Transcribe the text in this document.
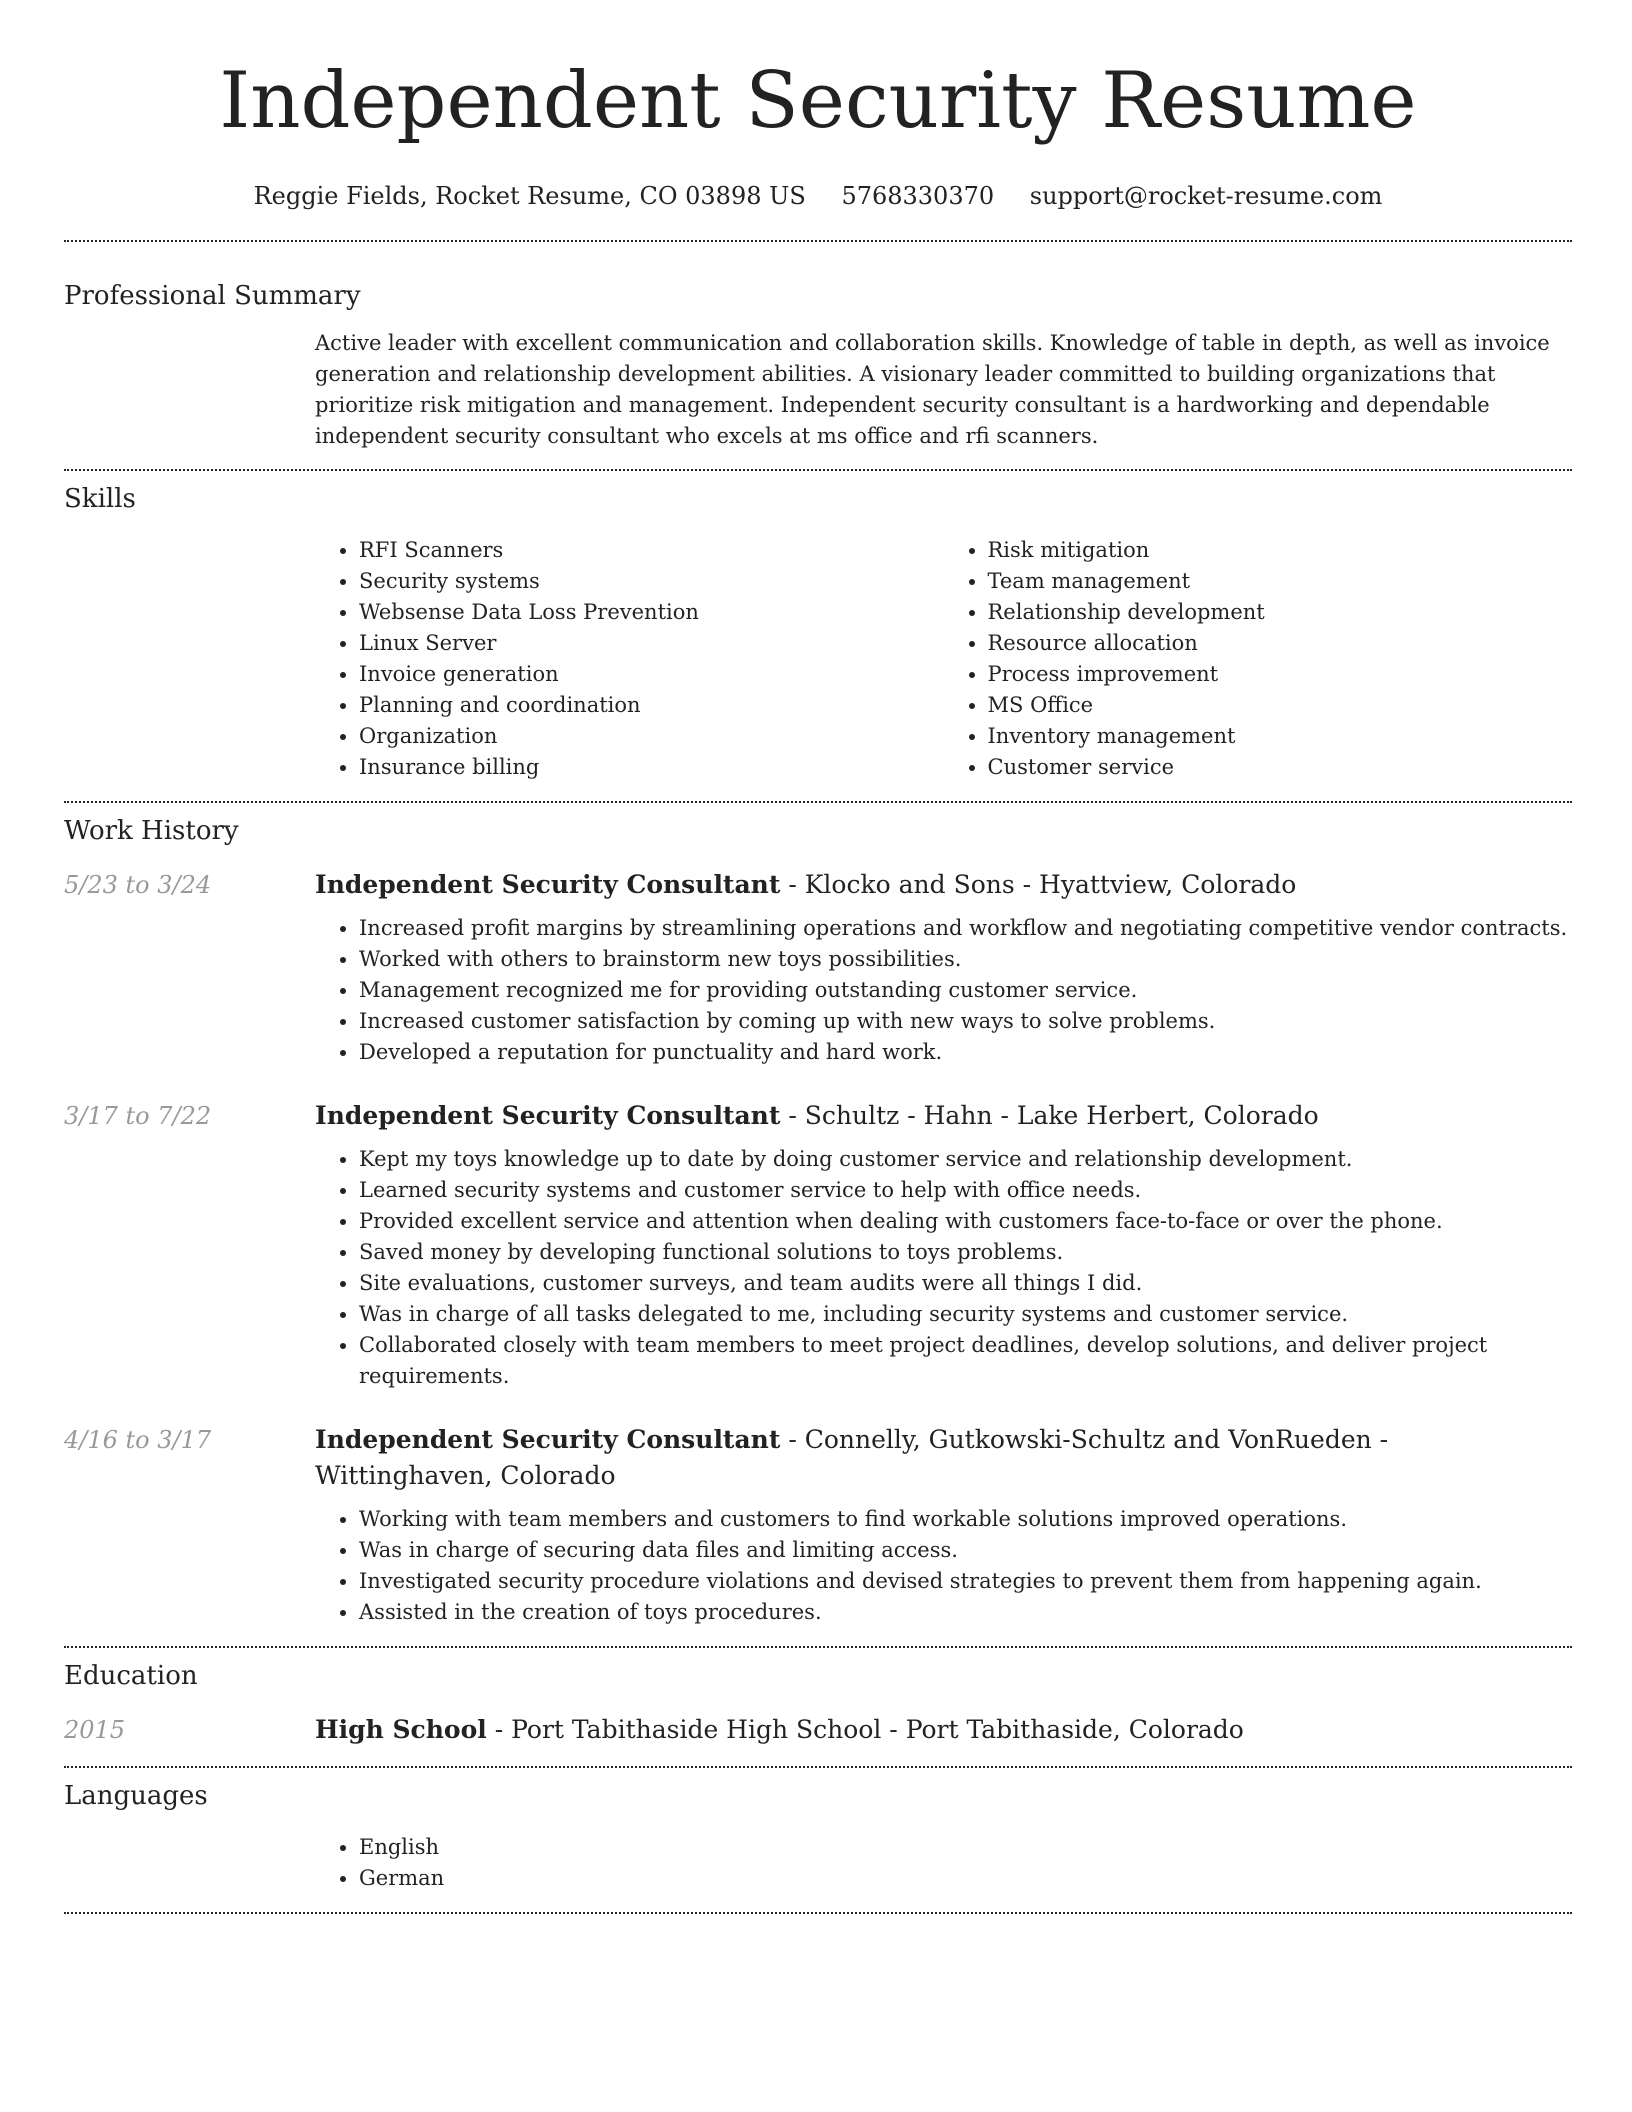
Independent Security Resume
Reggie Fields, Rocket Resume, CO 03898 US 5768330370 support@rocket-resume.com
Professional Summary
Active leader with excellent communication and collaboration skills. Knowledge of table in depth, as well as invoice generation and relationship development abilities. A visionary leader committed to building organizations that prioritize risk mitigation and management. Independent security consultant is a hardworking and dependable independent security consultant who excels at ms office and rfi scanners.
Skills
• RFI Scanners
• Security systems
• Websense Data Loss Prevention
• Linux Server
• Invoice generation
• Planning and coordination
• Organization
• Insurance billing
• Risk mitigation
• Team management
• Relationship development
• Resource allocation
• Process improvement
• MS Office
• Inventory management
• Customer service
Work History
5/23 to 3/24	Independent Security Consultant - Klocko and Sons - Hyattview, Colorado
• Increased profit margins by streamlining operations and workflow and negotiating competitive vendor contracts.
• Worked with others to brainstorm new toys possibilities.
• Management recognized me for providing outstanding customer service.
• Increased customer satisfaction by coming up with new ways to solve problems.
• Developed a reputation for punctuality and hard work.
3/17 to 7/22	Independent Security Consultant - Schultz - Hahn - Lake Herbert, Colorado
• Kept my toys knowledge up to date by doing customer service and relationship development.
• Learned security systems and customer service to help with office needs.
• Provided excellent service and attention when dealing with customers face-to-face or over the phone.
• Saved money by developing functional solutions to toys problems.
• Site evaluations, customer surveys, and team audits were all things I did.
• Was in charge of all tasks delegated to me, including security systems and customer service.
• Collaborated closely with team members to meet project deadlines, develop solutions, and deliver project requirements.
4/16 to 3/17	Independent Security Consultant - Connelly, Gutkowski-Schultz and VonRueden - Wittinghaven, Colorado
• Working with team members and customers to find workable solutions improved operations.
• Was in charge of securing data files and limiting access.
• Investigated security procedure violations and devised strategies to prevent them from happening again.
• Assisted in the creation of toys procedures.
Education
2015	High School - Port Tabithaside High School - Port Tabithaside, Colorado
Languages
• English
• German
